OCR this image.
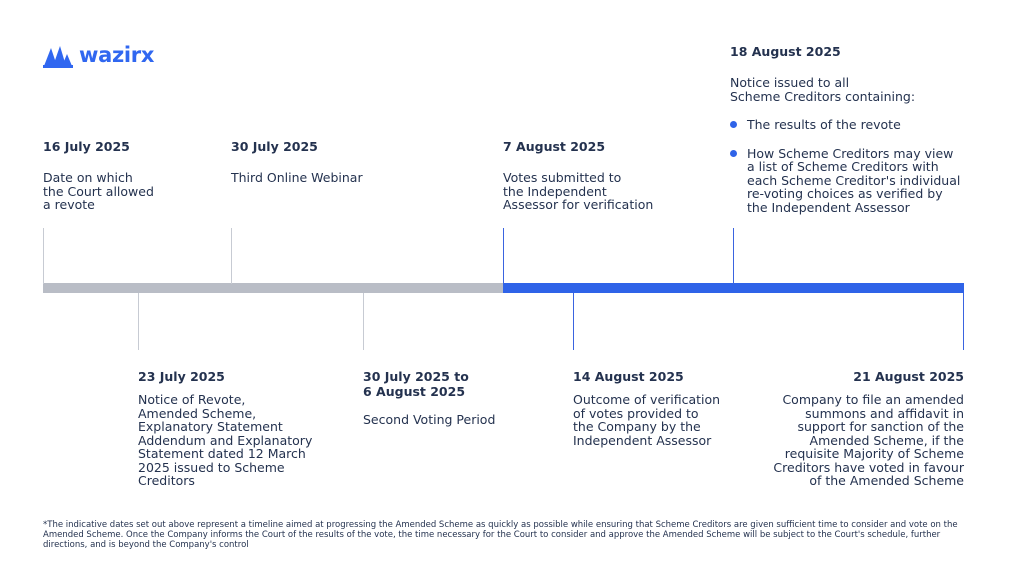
wazirx
16 July 2025
Date on which
the Court allowed
a revote
30 July 2025
Third Online Webinar
7 August 2025
Votes submitted to
the Independent
Assessor for verification
18 August 2025
Notice issued to all
Scheme Creditors containing:
The results of the revote
How Scheme Creditors may view
a list of Scheme Creditors with
each Scheme Creditor's individual
re-voting choices as verified by
the Independent Assessor
23 July 2025
Notice of Revote,
Amended Scheme,
Explanatory Statement
Addendum and Explanatory
Statement dated 12 March
2025 issued to Scheme
Creditors
30 July 2025 to
6 August 2025
Second Voting Period
14 August 2025
Outcome of verification
of votes provided to
the Company by the
Independent Assessor
21 August 2025
Company to file an amended
summons and affidavit in
support for sanction of the
Amended Scheme, if the
requisite Majority of Scheme
Creditors have voted in favour
of the Amended Scheme
*The indicative dates set out above represent a timeline aimed at progressing the Amended Scheme as quickly as possible while ensuring that Scheme Creditors are given sufficient time to consider and vote on the Amended Scheme. Once the Company informs the Court of the results of the vote, the time necessary for the Court to consider and approve the Amended Scheme will be subject to the Court's schedule, further directions, and is beyond the Company's control
